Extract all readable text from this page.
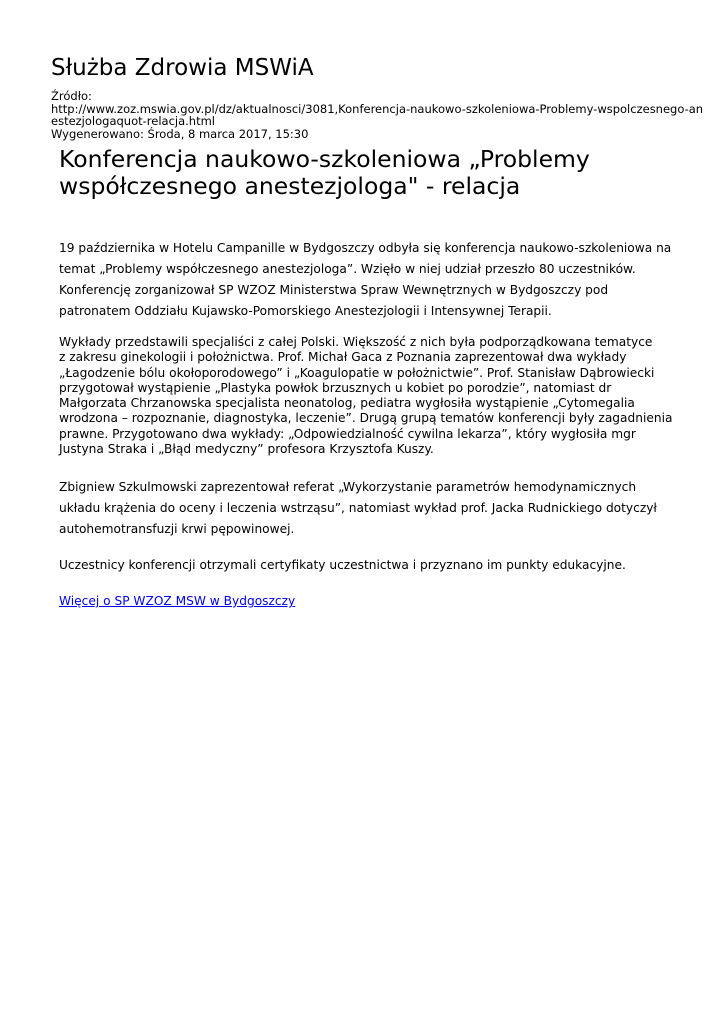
Służba Zdrowia MSWiA
Źródło:
http://www.zoz.mswia.gov.pl/dz/aktualnosci/3081,Konferencja-naukowo-szkoleniowa-Problemy-wspolczesnego-an
estezjologaquot-relacja.html
Wygenerowano: Środa, 8 marca 2017, 15:30
Konferencja naukowo-szkoleniowa „Problemy
współczesnego anestezjologa" - relacja
19 października w Hotelu Campanille w Bydgoszczy odbyła się konferencja naukowo-szkoleniowa na
temat „Problemy współczesnego anestezjologa”. Wzięło w niej udział przeszło 80 uczestników.
Konferencję zorganizował SP WZOZ Ministerstwa Spraw Wewnętrznych w Bydgoszczy pod
patronatem Oddziału Kujawsko-Pomorskiego Anestezjologii i Intensywnej Terapii.
Wykłady przedstawili specjaliści z całej Polski. Większość z nich była podporządkowana tematyce
z zakresu ginekologii i położnictwa. Prof. Michał Gaca z Poznania zaprezentował dwa wykłady
„Łagodzenie bólu okołoporodowego” i „Koagulopatie w położnictwie”. Prof. Stanisław Dąbrowiecki
przygotował wystąpienie „Plastyka powłok brzusznych u kobiet po porodzie”, natomiast dr
Małgorzata Chrzanowska specjalista neonatolog, pediatra wygłosiła wystąpienie „Cytomegalia
wrodzona – rozpoznanie, diagnostyka, leczenie”. Drugą grupą tematów konferencji były zagadnienia
prawne. Przygotowano dwa wykłady: „Odpowiedzialność cywilna lekarza”, który wygłosiła mgr
Justyna Straka i „Błąd medyczny” profesora Krzysztofa Kuszy.
Zbigniew Szkulmowski zaprezentował referat „Wykorzystanie parametrów hemodynamicznych
układu krążenia do oceny i leczenia wstrząsu”, natomiast wykład prof. Jacka Rudnickiego dotyczył
autohemotransfuzji krwi pępowinowej.
Uczestnicy konferencji otrzymali certyfikaty uczestnictwa i przyznano im punkty edukacyjne.
Więcej o SP WZOZ MSW w Bydgoszczy
